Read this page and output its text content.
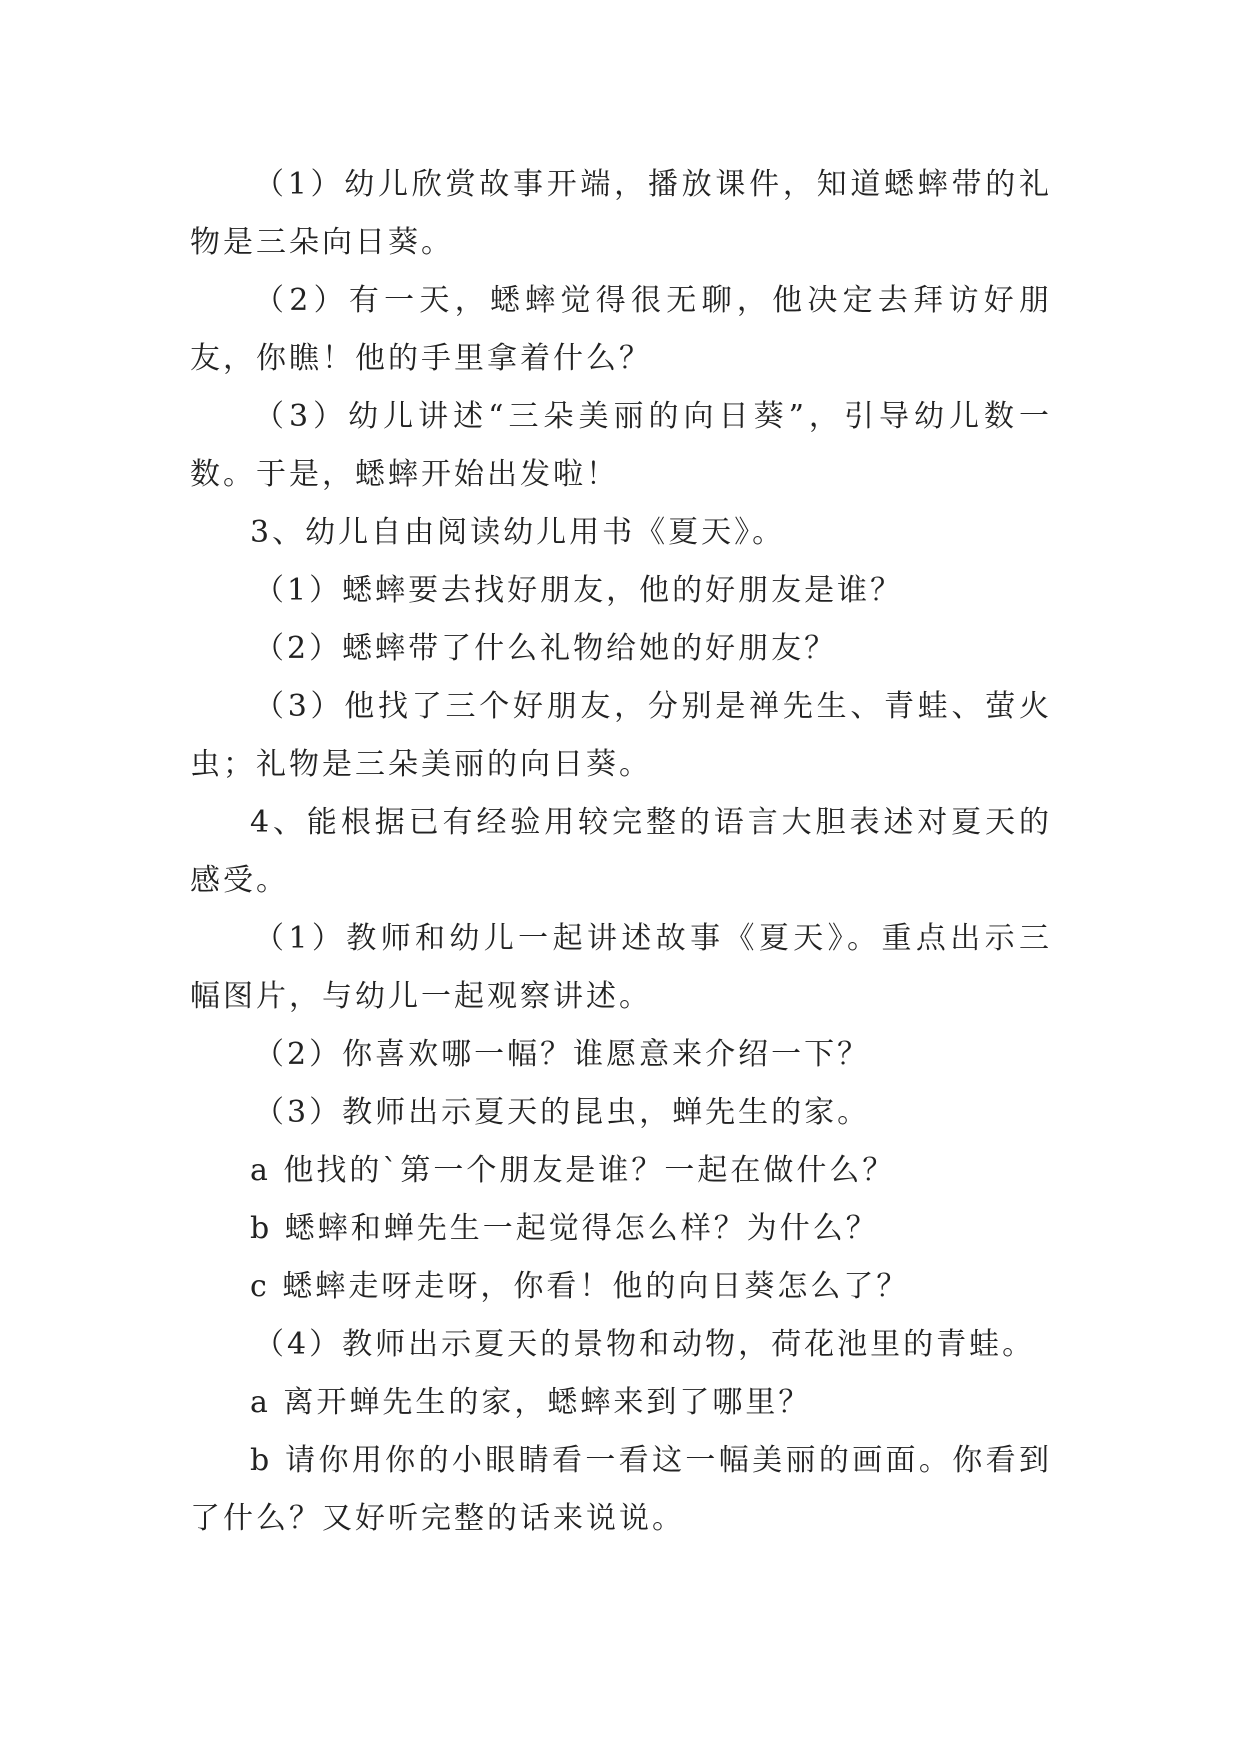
（1）幼儿欣赏故事开端，播放课件，知道蟋蟀带的礼物是三朵向日葵。

（2）有一天，蟋蟀觉得很无聊，他决定去拜访好朋友，你瞧！他的手里拿着什么？

（3）幼儿讲述“三朵美丽的向日葵”，引导幼儿数一数。于是，蟋蟀开始出发啦！

3、幼儿自由阅读幼儿用书《夏天》。

（1）蟋蟀要去找好朋友，他的好朋友是谁？

（2）蟋蟀带了什么礼物给她的好朋友？

（3）他找了三个好朋友，分别是禅先生、青蛙、萤火虫；礼物是三朵美丽的向日葵。

4、能根据已有经验用较完整的语言大胆表述对夏天的感受。

（1）教师和幼儿一起讲述故事《夏天》。重点出示三幅图片，与幼儿一起观察讲述。

（2）你喜欢哪一幅？谁愿意来介绍一下？

（3）教师出示夏天的昆虫，蝉先生的家。

a 他找的`第一个朋友是谁？一起在做什么？

b 蟋蟀和蝉先生一起觉得怎么样？为什么？

c 蟋蟀走呀走呀，你看！他的向日葵怎么了？

（4）教师出示夏天的景物和动物，荷花池里的青蛙。

a 离开蝉先生的家，蟋蟀来到了哪里？

b 请你用你的小眼睛看一看这一幅美丽的画面。你看到了什么？又好听完整的话来说说。
